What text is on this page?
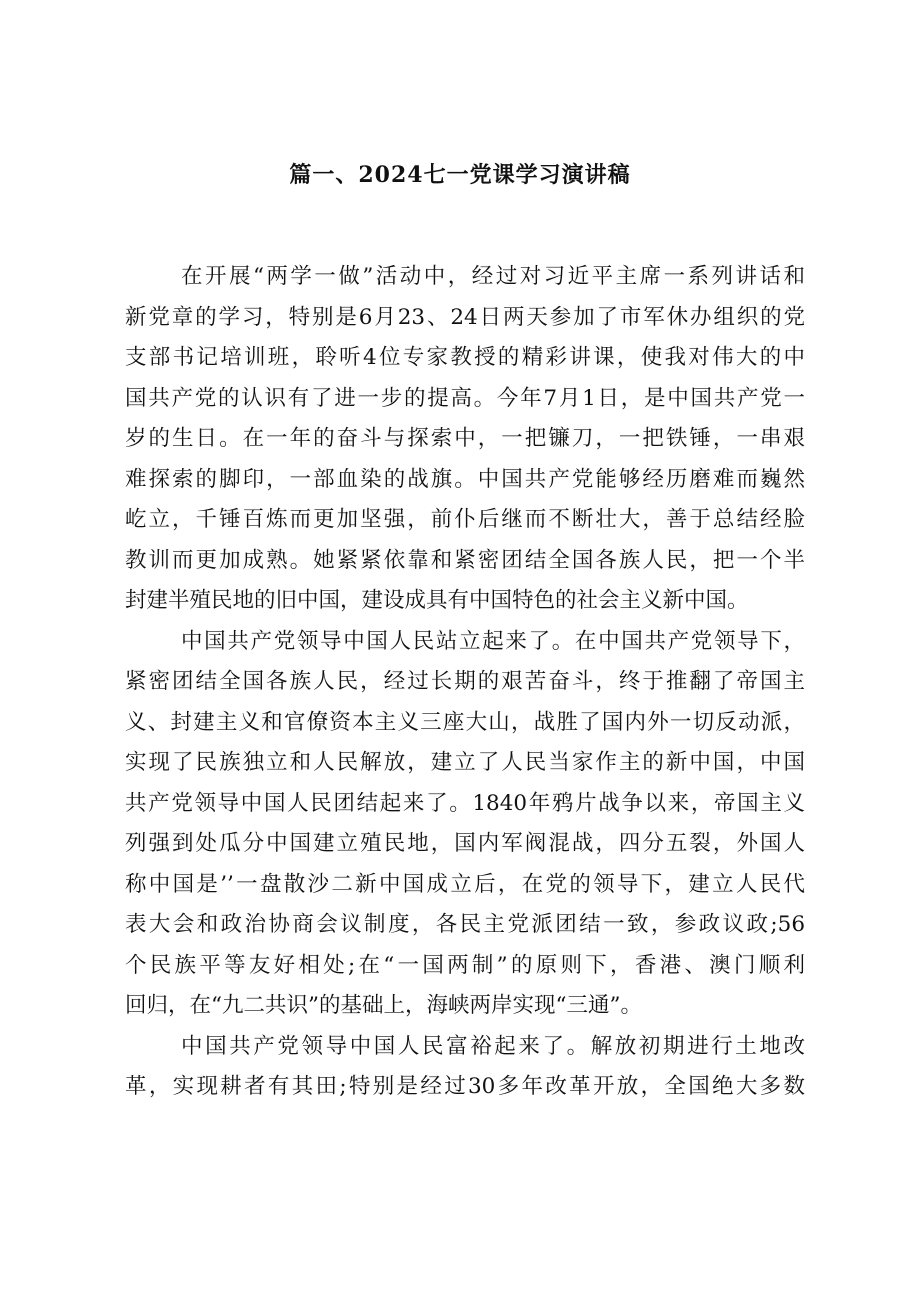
篇一、2024七一党课学习演讲稿
在开展“两学一做”活动中，经过对习近平主席一系列讲话和
新党章的学习，特别是6月23、24日两天参加了市军休办组织的党
支部书记培训班，聆听4位专家教授的精彩讲课，使我对伟大的中
国共产党的认识有了进一步的提高。今年7月1日，是中国共产党一
岁的生日。在一年的奋斗与探索中，一把镰刀，一把铁锤，一串艰
难探索的脚印，一部血染的战旗。中国共产党能够经历磨难而巍然
屹立，千锤百炼而更加坚强，前仆后继而不断壮大，善于总结经脸
教训而更加成熟。她紧紧依靠和紧密团结全国各族人民，把一个半
封建半殖民地的旧中国，建设成具有中国特色的社会主义新中国。
中国共产党领导中国人民站立起来了。在中国共产党领导下，
紧密团结全国各族人民，经过长期的艰苦奋斗，终于推翻了帝国主
义、封建主义和官僚资本主义三座大山，战胜了国内外一切反动派，
实现了民族独立和人民解放，建立了人民当家作主的新中国，中国
共产党领导中国人民团结起来了。1840年鸦片战争以来，帝国主义
列强到处瓜分中国建立殖民地，国内军阀混战，四分五裂，外国人
称中国是’’一盘散沙二新中国成立后，在党的领导下，建立人民代
表大会和政治协商会议制度，各民主党派团结一致，参政议政;56
个民族平等友好相处;在“一国两制”的原则下，香港、澳门顺利
回归，在“九二共识”的基础上，海峡两岸实现“三通”。
中国共产党领导中国人民富裕起来了。解放初期进行土地改
革，实现耕者有其田;特别是经过30多年改革开放，全国绝大多数
